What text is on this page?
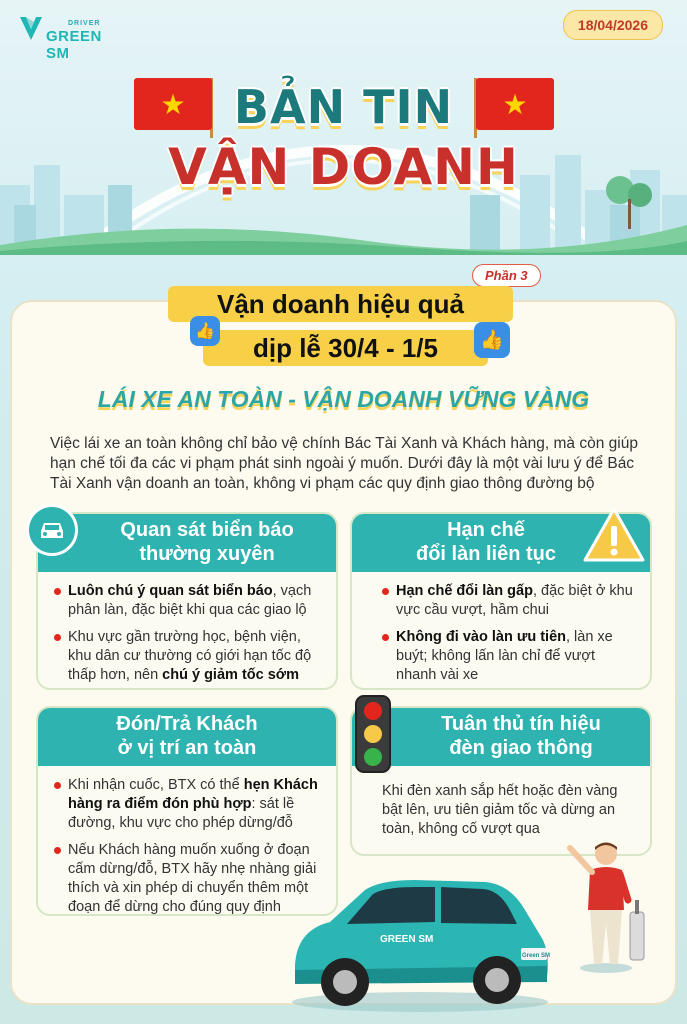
DRIVER
GREEN SM
18/04/2026
★	★
BẢN TIN
VẬN DOANH
Phần 3
Vận doanh hiệu quả
dịp lễ 30/4 - 1/5
👍	👍
LÁI XE AN TOÀN - VẬN DOANH VỮNG VÀNG
Việc lái xe an toàn không chỉ bảo vệ chính Bác Tài Xanh và Khách hàng, mà còn giúp hạn chế tối đa các vi phạm phát sinh ngoài ý muốn. Dưới đây là một vài lưu ý để Bác Tài Xanh vận doanh an toàn, không vi phạm các quy định giao thông đường bộ
Quan sát biển báo
thường xuyên
Luôn chú ý quan sát biển báo, vạch phân làn, đặc biệt khi qua các giao lộ
Khu vực gần trường học, bệnh viện, khu dân cư thường có giới hạn tốc độ thấp hơn, nên chú ý giảm tốc sớm
Hạn chế
đổi làn liên tục
Hạn chế đổi làn gấp, đặc biệt ở khu vực cầu vượt, hầm chui
Không đi vào làn ưu tiên, làn xe buýt; không lấn làn chỉ để vượt nhanh vài xe
Đón/Trả Khách
ở vị trí an toàn
Khi nhận cuốc, BTX có thể hẹn Khách hàng ra điểm đón phù hợp: sát lề đường, khu vực cho phép dừng/đỗ
Nếu Khách hàng muốn xuống ở đoạn cấm dừng/đỗ, BTX hãy nhẹ nhàng giải thích và xin phép di chuyển thêm một đoạn để dừng cho đúng quy định
Tuân thủ tín hiệu
đèn giao thông
Khi đèn xanh sắp hết hoặc đèn vàng bật lên, ưu tiên giảm tốc và dừng an toàn, không cố vượt qua
GREEN SM
Green SM
